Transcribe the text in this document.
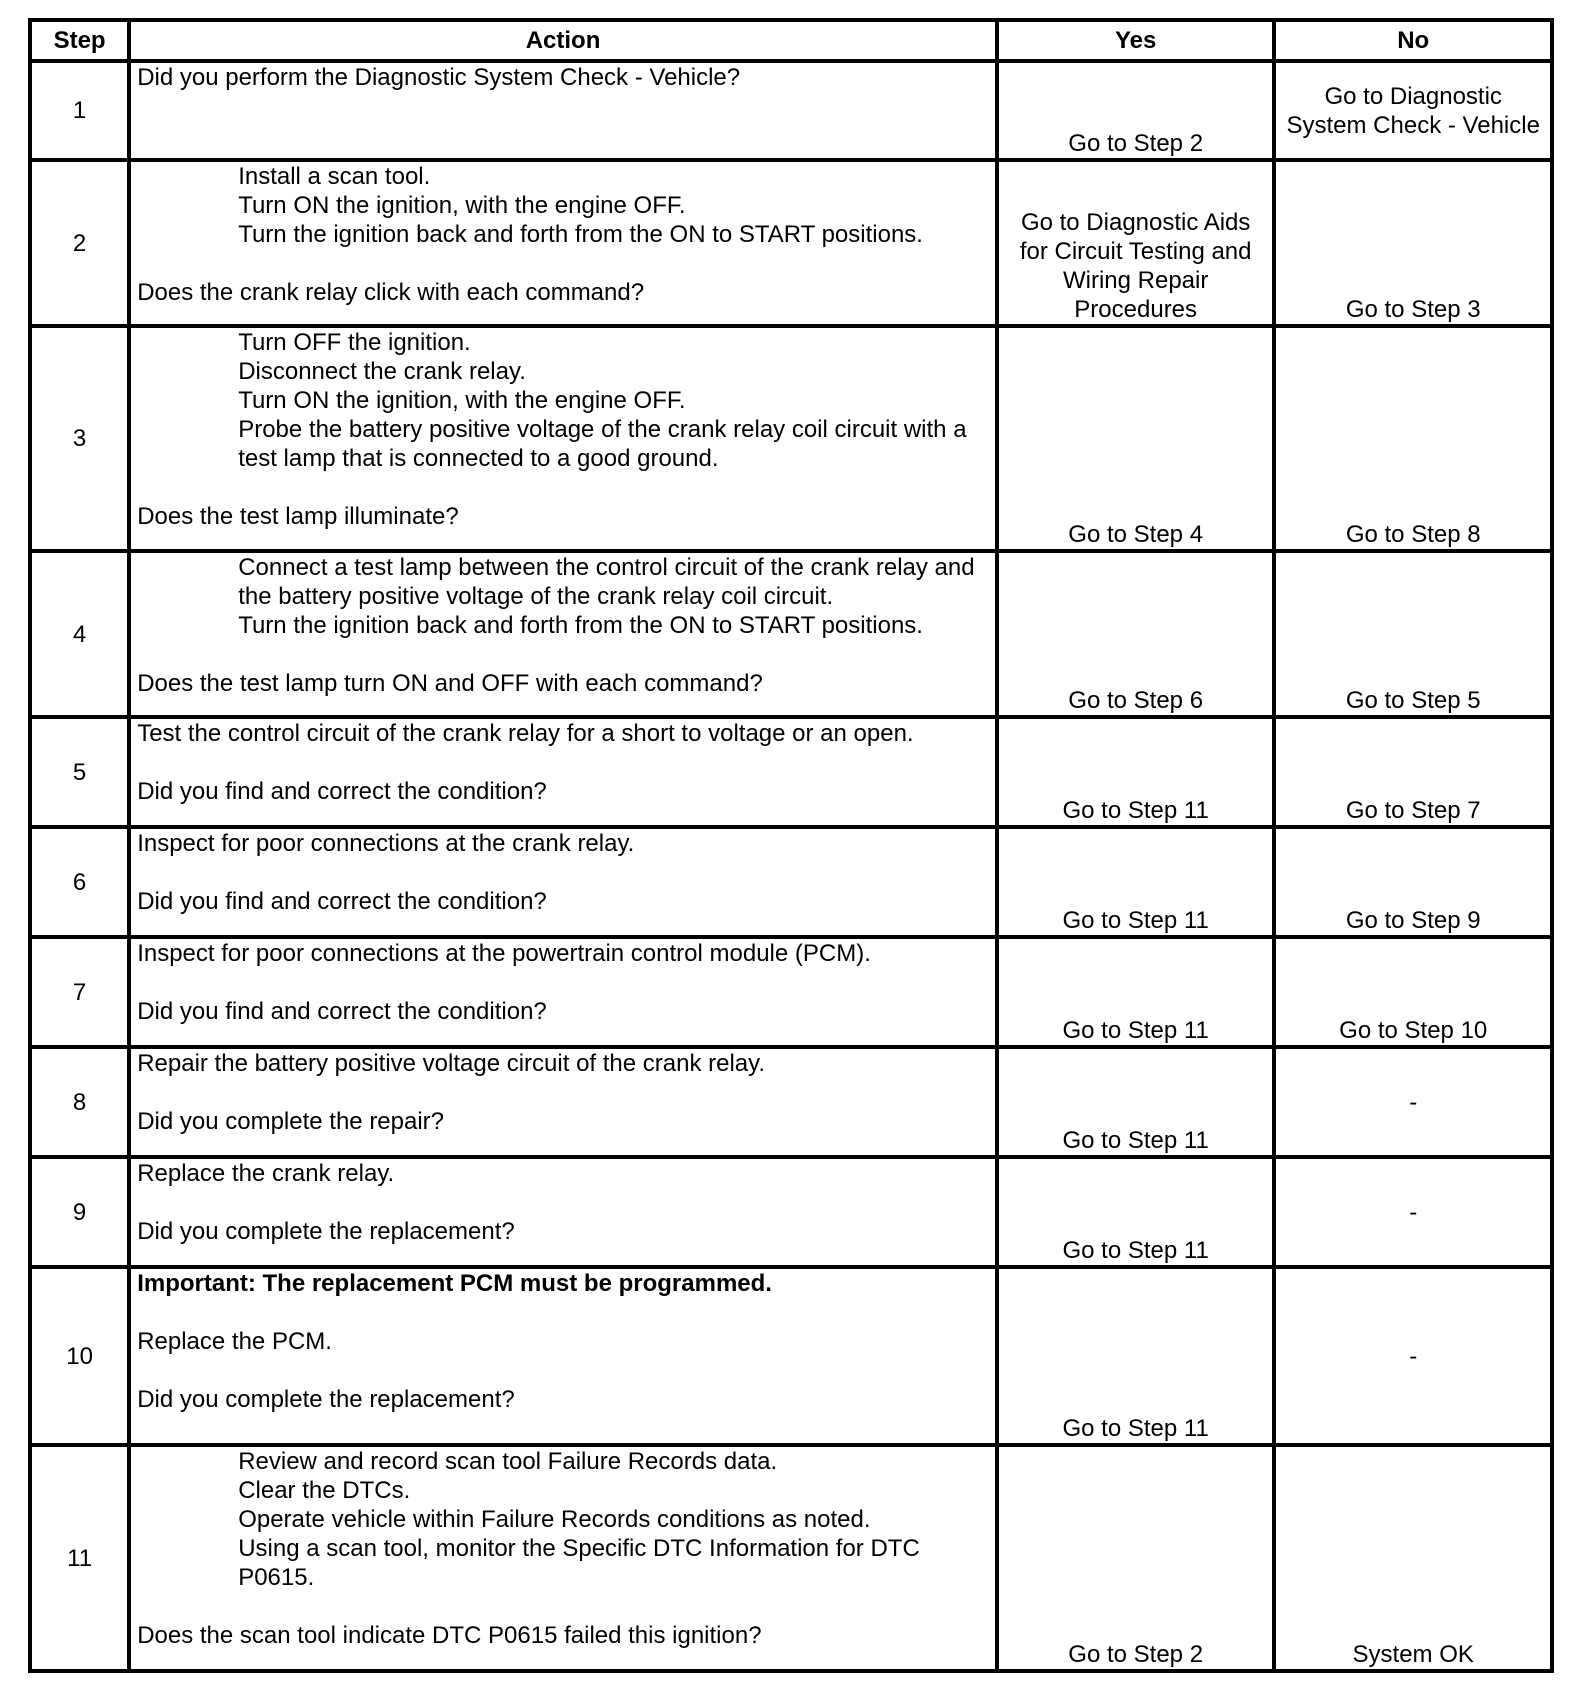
Step	Action	Yes	No
1	Did you perform the Diagnostic System Check - Vehicle?	Go to Step 2	Go to Diagnostic System Check - Vehicle
2	Install a scan tool.
Turn ON the ignition, with the engine OFF.
Turn the ignition back and forth from the ON to START positions.
Does the crank relay click with each command?	Go to Diagnostic Aids for Circuit Testing and Wiring Repair Procedures	Go to Step 3
3	Turn OFF the ignition.
Disconnect the crank relay.
Turn ON the ignition, with the engine OFF.
Probe the battery positive voltage of the crank relay coil circuit with a test lamp that is connected to a good ground.
Does the test lamp illuminate?	Go to Step 4	Go to Step 8
4	Connect a test lamp between the control circuit of the crank relay and the battery positive voltage of the crank relay coil circuit.
Turn the ignition back and forth from the ON to START positions.
Does the test lamp turn ON and OFF with each command?	Go to Step 6	Go to Step 5
5	Test the control circuit of the crank relay for a short to voltage or an open.
Did you find and correct the condition?	Go to Step 11	Go to Step 7
6	Inspect for poor connections at the crank relay.
Did you find and correct the condition?	Go to Step 11	Go to Step 9
7	Inspect for poor connections at the powertrain control module (PCM).
Did you find and correct the condition?	Go to Step 11	Go to Step 10
8	Repair the battery positive voltage circuit of the crank relay.
Did you complete the repair?	Go to Step 11	-
9	Replace the crank relay.
Did you complete the replacement?	Go to Step 11	-
10	Important: The replacement PCM must be programmed.
Replace the PCM.
Did you complete the replacement?	Go to Step 11	-
11	Review and record scan tool Failure Records data.
Clear the DTCs.
Operate vehicle within Failure Records conditions as noted.
Using a scan tool, monitor the Specific DTC Information for DTC P0615.
Does the scan tool indicate DTC P0615 failed this ignition?	Go to Step 2	System OK
